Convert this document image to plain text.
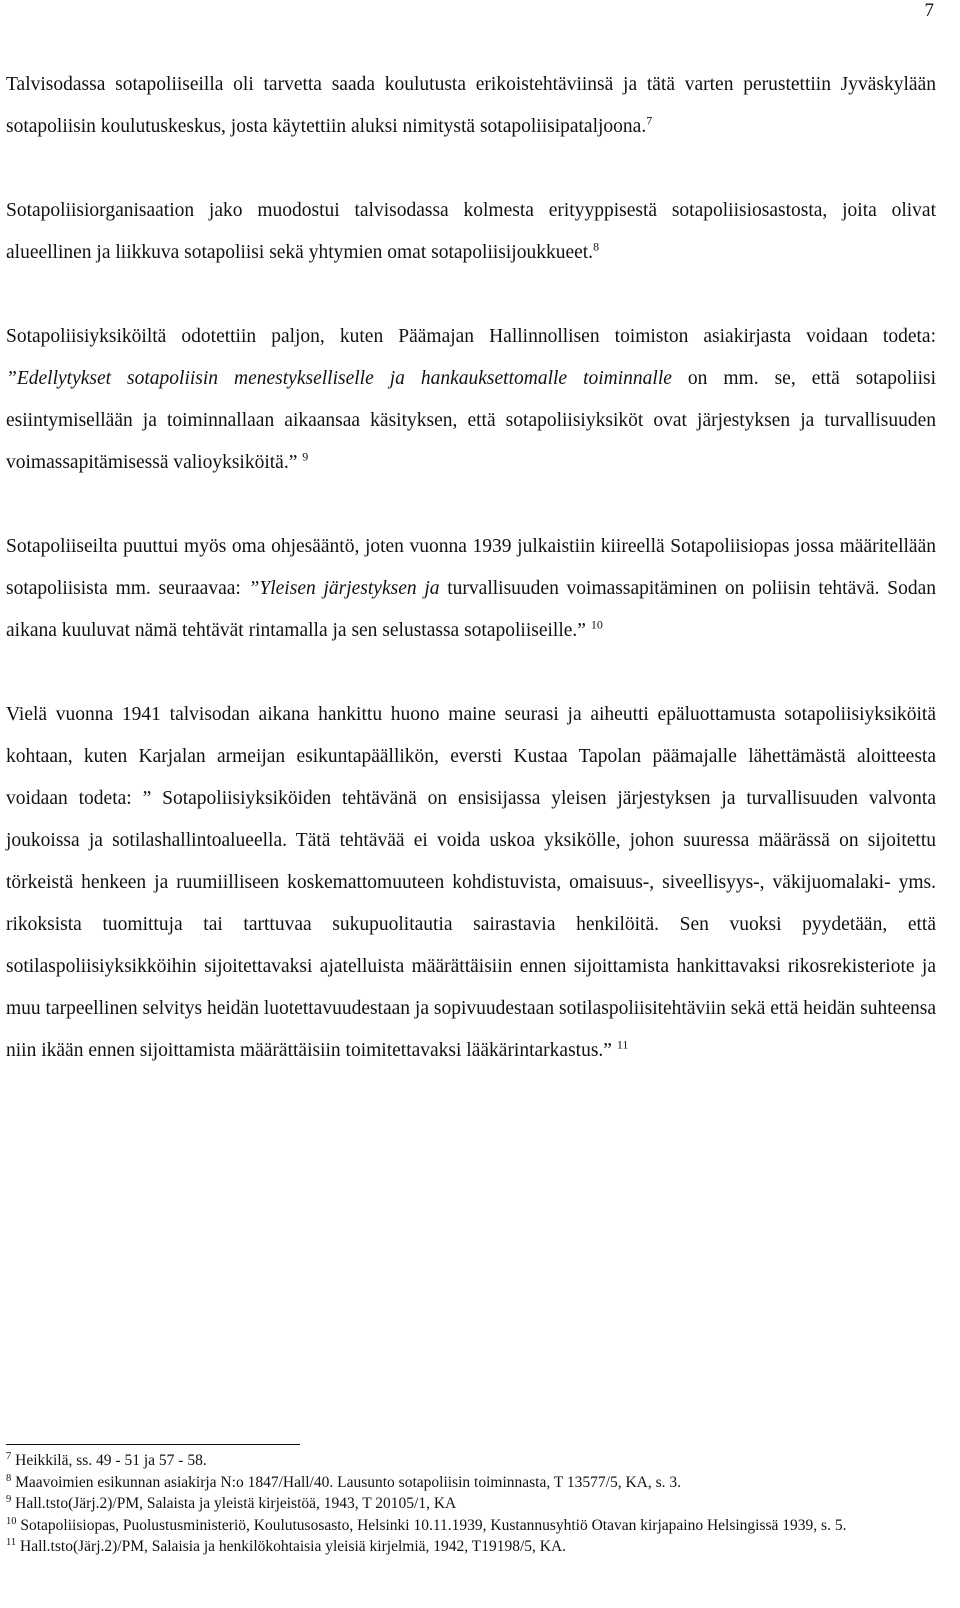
7

Talvisodassa sotapoliiseilla oli tarvetta saada koulutusta erikoistehtäviinsä ja tätä varten perustettiin Jyväskylään sotapoliisin koulutuskeskus, josta käytettiin aluksi nimitystä sotapoliisipataljoona.$^7$

Sotapoliisiorganisaation jako muodostui talvisodassa kolmesta erityyppisestä sotapoliisiosastosta, joita olivat alueellinen ja liikkuva sotapoliisi sekä yhtymien omat sotapoliisijoukkueet.$^8$

Sotapoliisiyksiköiltä odotettiin paljon, kuten Päämajan Hallinnollisen toimiston asiakirjasta voidaan todeta: ”Edellytykset sotapoliisin menestykselliselle ja hankauksettomalle toiminnalle on mm. se, että sotapoliisi esiintymisellään ja toiminnallaan aikaansaa käsityksen, että sotapoliisiyksiköt ovat järjestyksen ja turvallisuuden voimassapitämisessä valioyksiköitä.” $^9$

Sotapoliiseilta puuttui myös oma ohjesääntö, joten vuonna 1939 julkaistiin kiireellä Sotapoliisiopas jossa määritellään sotapoliisista mm. seuraavaa: ”Yleisen järjestyksen ja turvallisuuden voimassapitäminen on poliisin tehtävä. Sodan aikana kuuluvat nämä tehtävät rintamalla ja sen selustassa sotapoliiseille.” $^{10}$

Vielä vuonna 1941 talvisodan aikana hankittu huono maine seurasi ja aiheutti epäluottamusta sotapoliisiyksiköitä kohtaan, kuten Karjalan armeijan esikuntapäällikön, eversti Kustaa Tapolan päämajalle lähettämästä aloitteesta voidaan todeta: ” Sotapoliisiyksiköiden tehtävänä on ensisijassa yleisen järjestyksen ja turvallisuuden valvonta joukoissa ja sotilashallintoalueella. Tätä tehtävää ei voida uskoa yksikölle, johon suuressa määrässä on sijoitettu törkeistä henkeen ja ruumiilliseen koskemattomuuteen kohdistuvista, omaisuus-, siveellisyys-, väkijuomalaki- yms. rikoksista tuomittuja tai tarttuvaa sukupuolitautia sairastavia henkilöitä. Sen vuoksi pyydetään, että sotilaspoliisiyksikköihin sijoitettavaksi ajatelluista määrättäisiin ennen sijoittamista hankittavaksi rikosrekisteriote ja muu tarpeellinen selvitys heidän luotettavuudestaan ja sopivuudestaan sotilaspoliisitehtäviin sekä että heidän suhteensa niin ikään ennen sijoittamista määrättäisiin toimitettavaksi lääkärintarkastus.” $^{11}$

$^7$ Heikkilä, ss. 49 - 51 ja 57 - 58.

$^8$ Maavoimien esikunnan asiakirja N:o 1847/Hall/40. Lausunto sotapoliisin toiminnasta, T 13577/5, KA, s. 3.

$^9$ Hall.tsto(Järj.2)/PM, Salaista ja yleistä kirjeistöä, 1943, T 20105/1, KA

$^{10}$ Sotapoliisiopas, Puolustusministeriö, Koulutusosasto, Helsinki 10.11.1939, Kustannusyhtiö Otavan kirjapaino Helsingissä 1939, s. 5.

$^{11}$ Hall.tsto(Järj.2)/PM, Salaisia ja henkilökohtaisia yleisiä kirjelmiä, 1942, T19198/5, KA.
